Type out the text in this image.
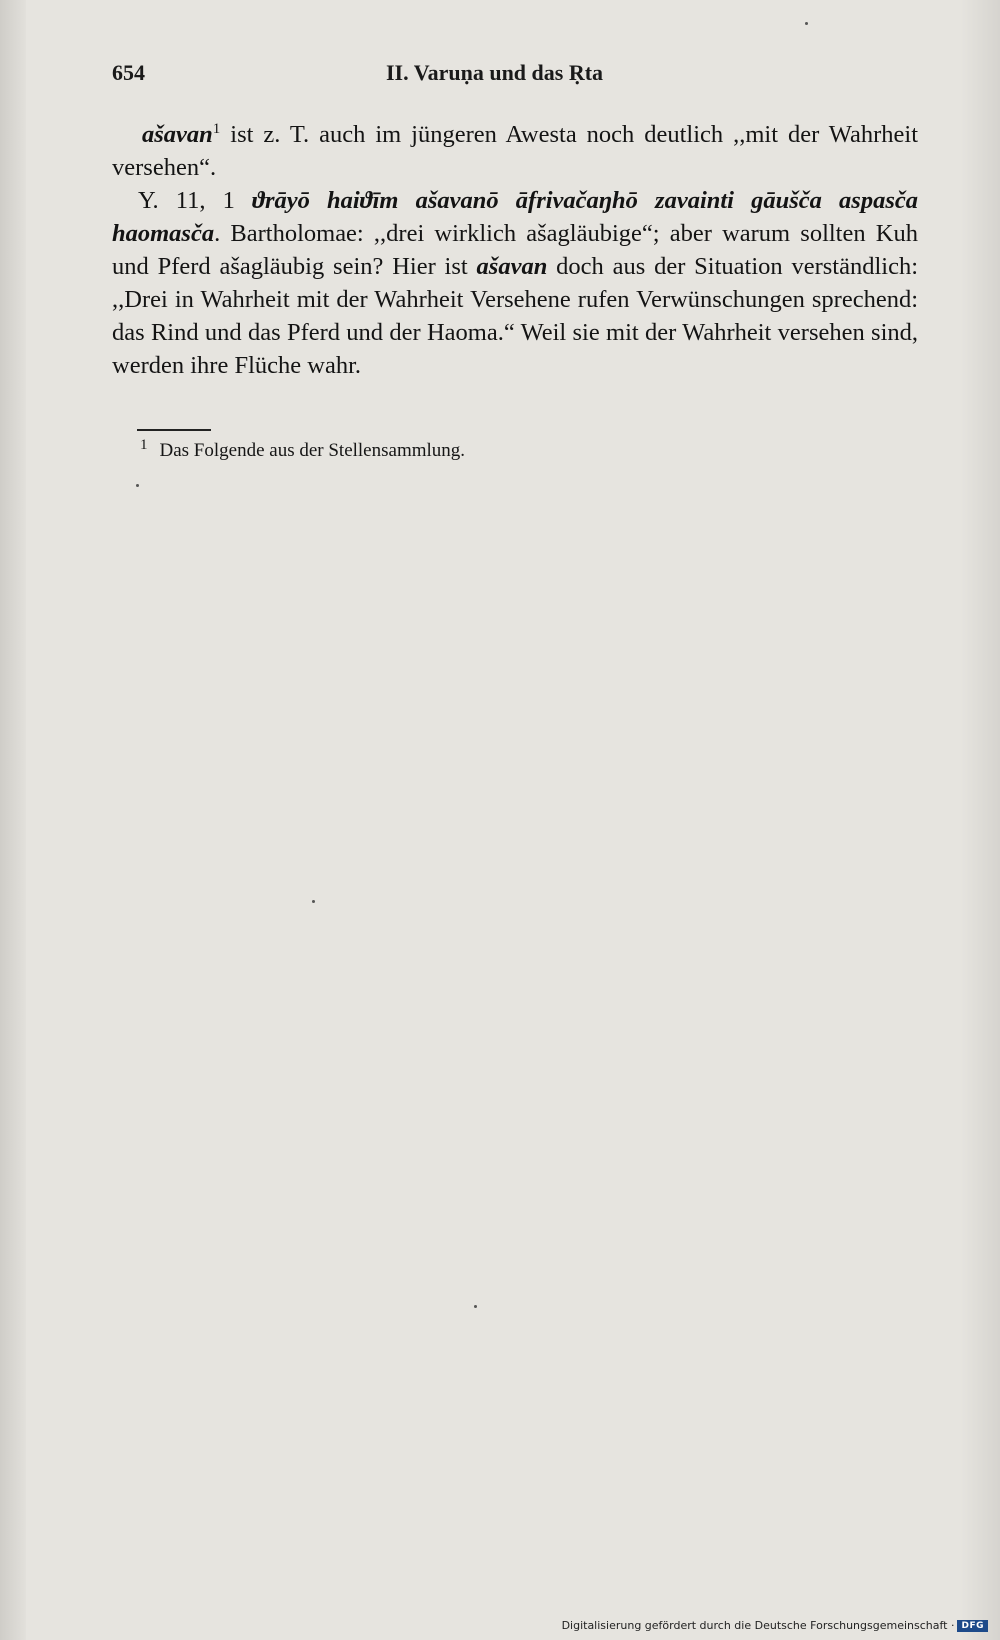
654	II. Varuṇa und das Ṛta

ašavan$^1$ ist z. T. auch im jüngeren Awesta noch deutlich ,,mit der Wahrheit versehen“.

Y. 11, 1 ϑrāyō haiϑīm ašavanō āfrivačaŋhō zavainti gāušča aspasča haomasča. Bartholomae: ,,drei wirklich ašagläubige“; aber warum sollten Kuh und Pferd ašagläubig sein? Hier ist ašavan doch aus der Situation verständlich: ,,Drei in Wahrheit mit der Wahrheit Versehene rufen Verwünschungen sprechend: das Rind und das Pferd und der Haoma.“ Weil sie mit der Wahrheit versehen sind, werden ihre Flüche wahr.

$^1$ Das Folgende aus der Stellensammlung.
Digitalisierung gefördert durch die Deutsche Forschungsgemeinschaft · DFG
